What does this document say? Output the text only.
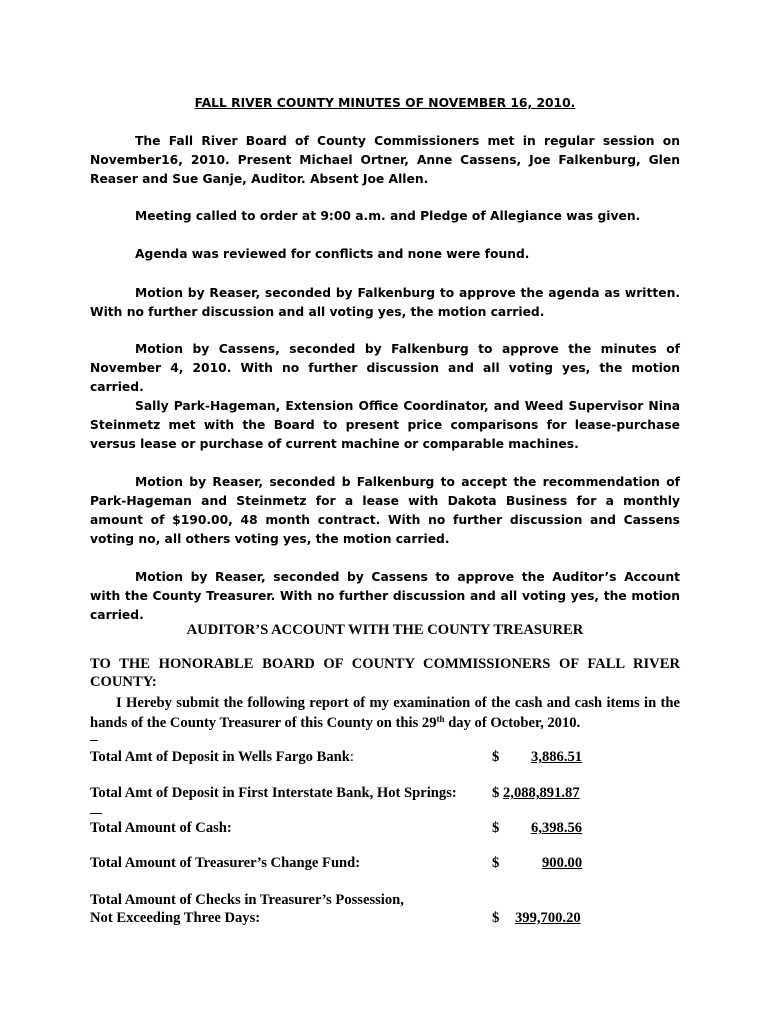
FALL RIVER COUNTY MINUTES OF NOVEMBER 16, 2010.

The Fall River Board of County Commissioners met in regular session on November16, 2010. Present Michael Ortner, Anne Cassens, Joe Falkenburg, Glen Reaser and Sue Ganje, Auditor. Absent Joe Allen.

Meeting called to order at 9:00 a.m. and Pledge of Allegiance was given.

Agenda was reviewed for conflicts and none were found.

Motion by Reaser, seconded by Falkenburg to approve the agenda as written. With no further discussion and all voting yes, the motion carried.

Motion by Cassens, seconded by Falkenburg to approve the minutes of November 4, 2010. With no further discussion and all voting yes, the motion carried.

Sally Park-Hageman, Extension Office Coordinator, and Weed Supervisor Nina Steinmetz met with the Board to present price comparisons for lease-purchase versus lease or purchase of current machine or comparable machines.

Motion by Reaser, seconded b Falkenburg to accept the recommendation of Park-Hageman and Steinmetz for a lease with Dakota Business for a monthly amount of $190.00, 48 month contract. With no further discussion and Cassens voting no, all others voting yes, the motion carried.

Motion by Reaser, seconded by Cassens to approve the Auditor’s Account with the County Treasurer. With no further discussion and all voting yes, the motion carried.

AUDITOR’S ACCOUNT WITH THE COUNTY TREASURER
TO THE HONORABLE BOARD OF COUNTY COMMISSIONERS OF FALL RIVER COUNTY:
I Hereby submit the following report of my examination of the cash and cash items in the hands of the County Treasurer of this County on this 29th day of October, 2010.
Total Amt of Deposit in Wells Fargo Bank:	$	3,886.51
Total Amt of Deposit in First Interstate Bank, Hot Springs: $ 2,088,891.87
Total Amount of Cash:	$	6,398.56
Total Amount of Treasurer’s Change Fund:	$	900.00
Total Amount of Checks in Treasurer’s Possession,
Not Exceeding Three Days:	$	399,700.20
